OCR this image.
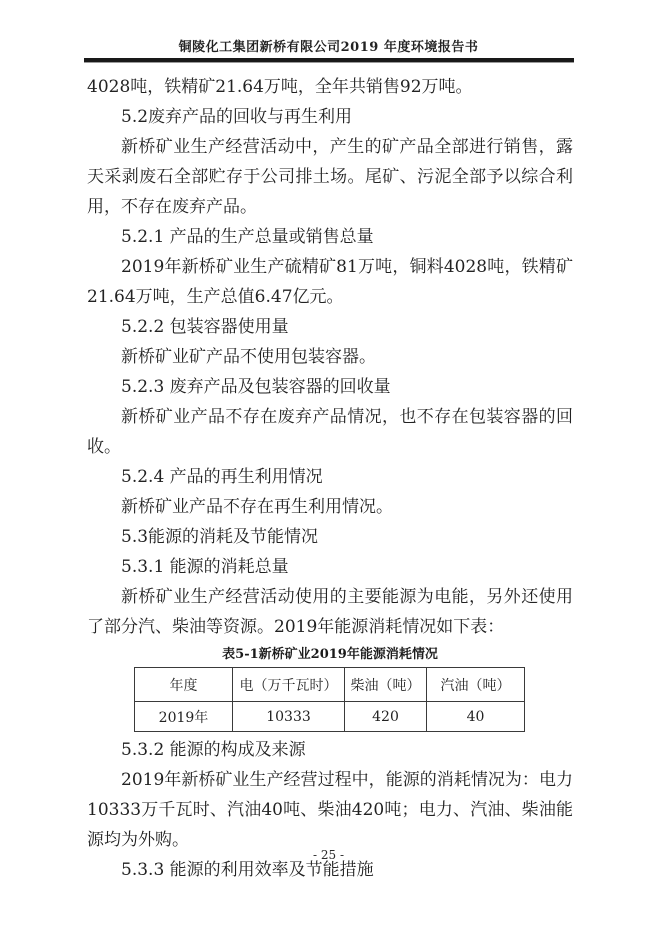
铜陵化工集团新桥有限公司2019 年度环境报告书

4028吨，铁精矿21.64万吨，全年共销售92万吨。

5.2废弃产品的回收与再生利用

新桥矿业生产经营活动中，产生的矿产品全部进行销售，露天采剥废石全部贮存于公司排土场。尾矿、污泥全部予以综合利用，不存在废弃产品。

5.2.1 产品的生产总量或销售总量

2019年新桥矿业生产硫精矿81万吨，铜料4028吨，铁精矿21.64万吨，生产总值6.47亿元。

5.2.2 包装容器使用量

新桥矿业矿产品不使用包装容器。

5.2.3 废弃产品及包装容器的回收量

新桥矿业产品不存在废弃产品情况，也不存在包装容器的回收。

5.2.4 产品的再生利用情况

新桥矿业产品不存在再生利用情况。

5.3能源的消耗及节能情况

5.3.1 能源的消耗总量

新桥矿业生产经营活动使用的主要能源为电能，另外还使用了部分汽、柴油等资源。2019年能源消耗情况如下表：

表5-1新桥矿业2019年能源消耗情况
年度	电（万千瓦时）	柴油（吨）	汽油（吨）
2019年	10333	420	40

5.3.2 能源的构成及来源

2019年新桥矿业生产经营过程中，能源的消耗情况为：电力10333万千瓦时、汽油40吨、柴油420吨；电力、汽油、柴油能源均为外购。

5.3.3 能源的利用效率及节能措施

- 25 -
